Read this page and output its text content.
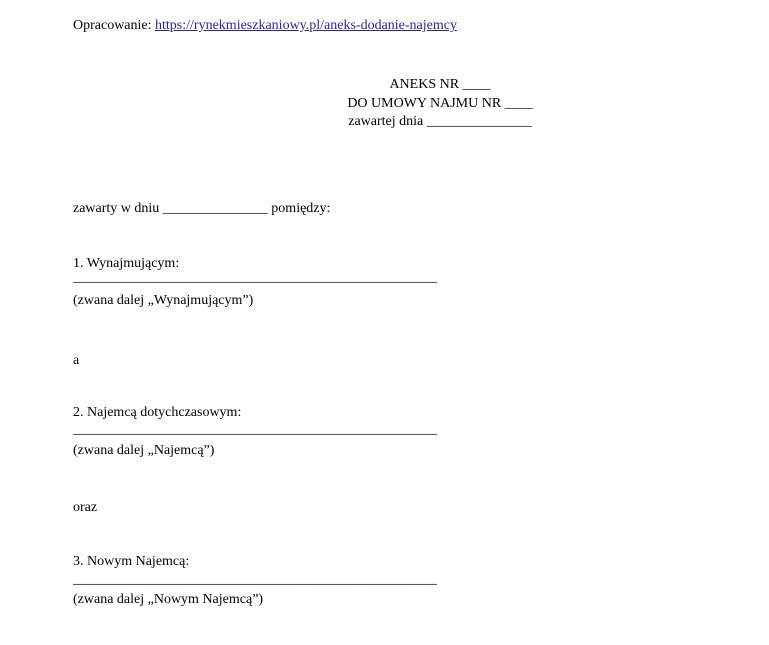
Opracowanie: https://rynekmieszkaniowy.pl/aneks-dodanie-najemcy

ANEKS NR ____
DO UMOWY NAJMU NR ____
zawartej dnia _______________

zawarty w dniu _______________ pomiędzy:

1. Wynajmującym:

____________________________________________________

(zwana dalej „Wynajmującym”)

a

2. Najemcą dotychczasowym:

____________________________________________________

(zwana dalej „Najemcą”)

oraz

3. Nowym Najemcą:

____________________________________________________

(zwana dalej „Nowym Najemcą”)
